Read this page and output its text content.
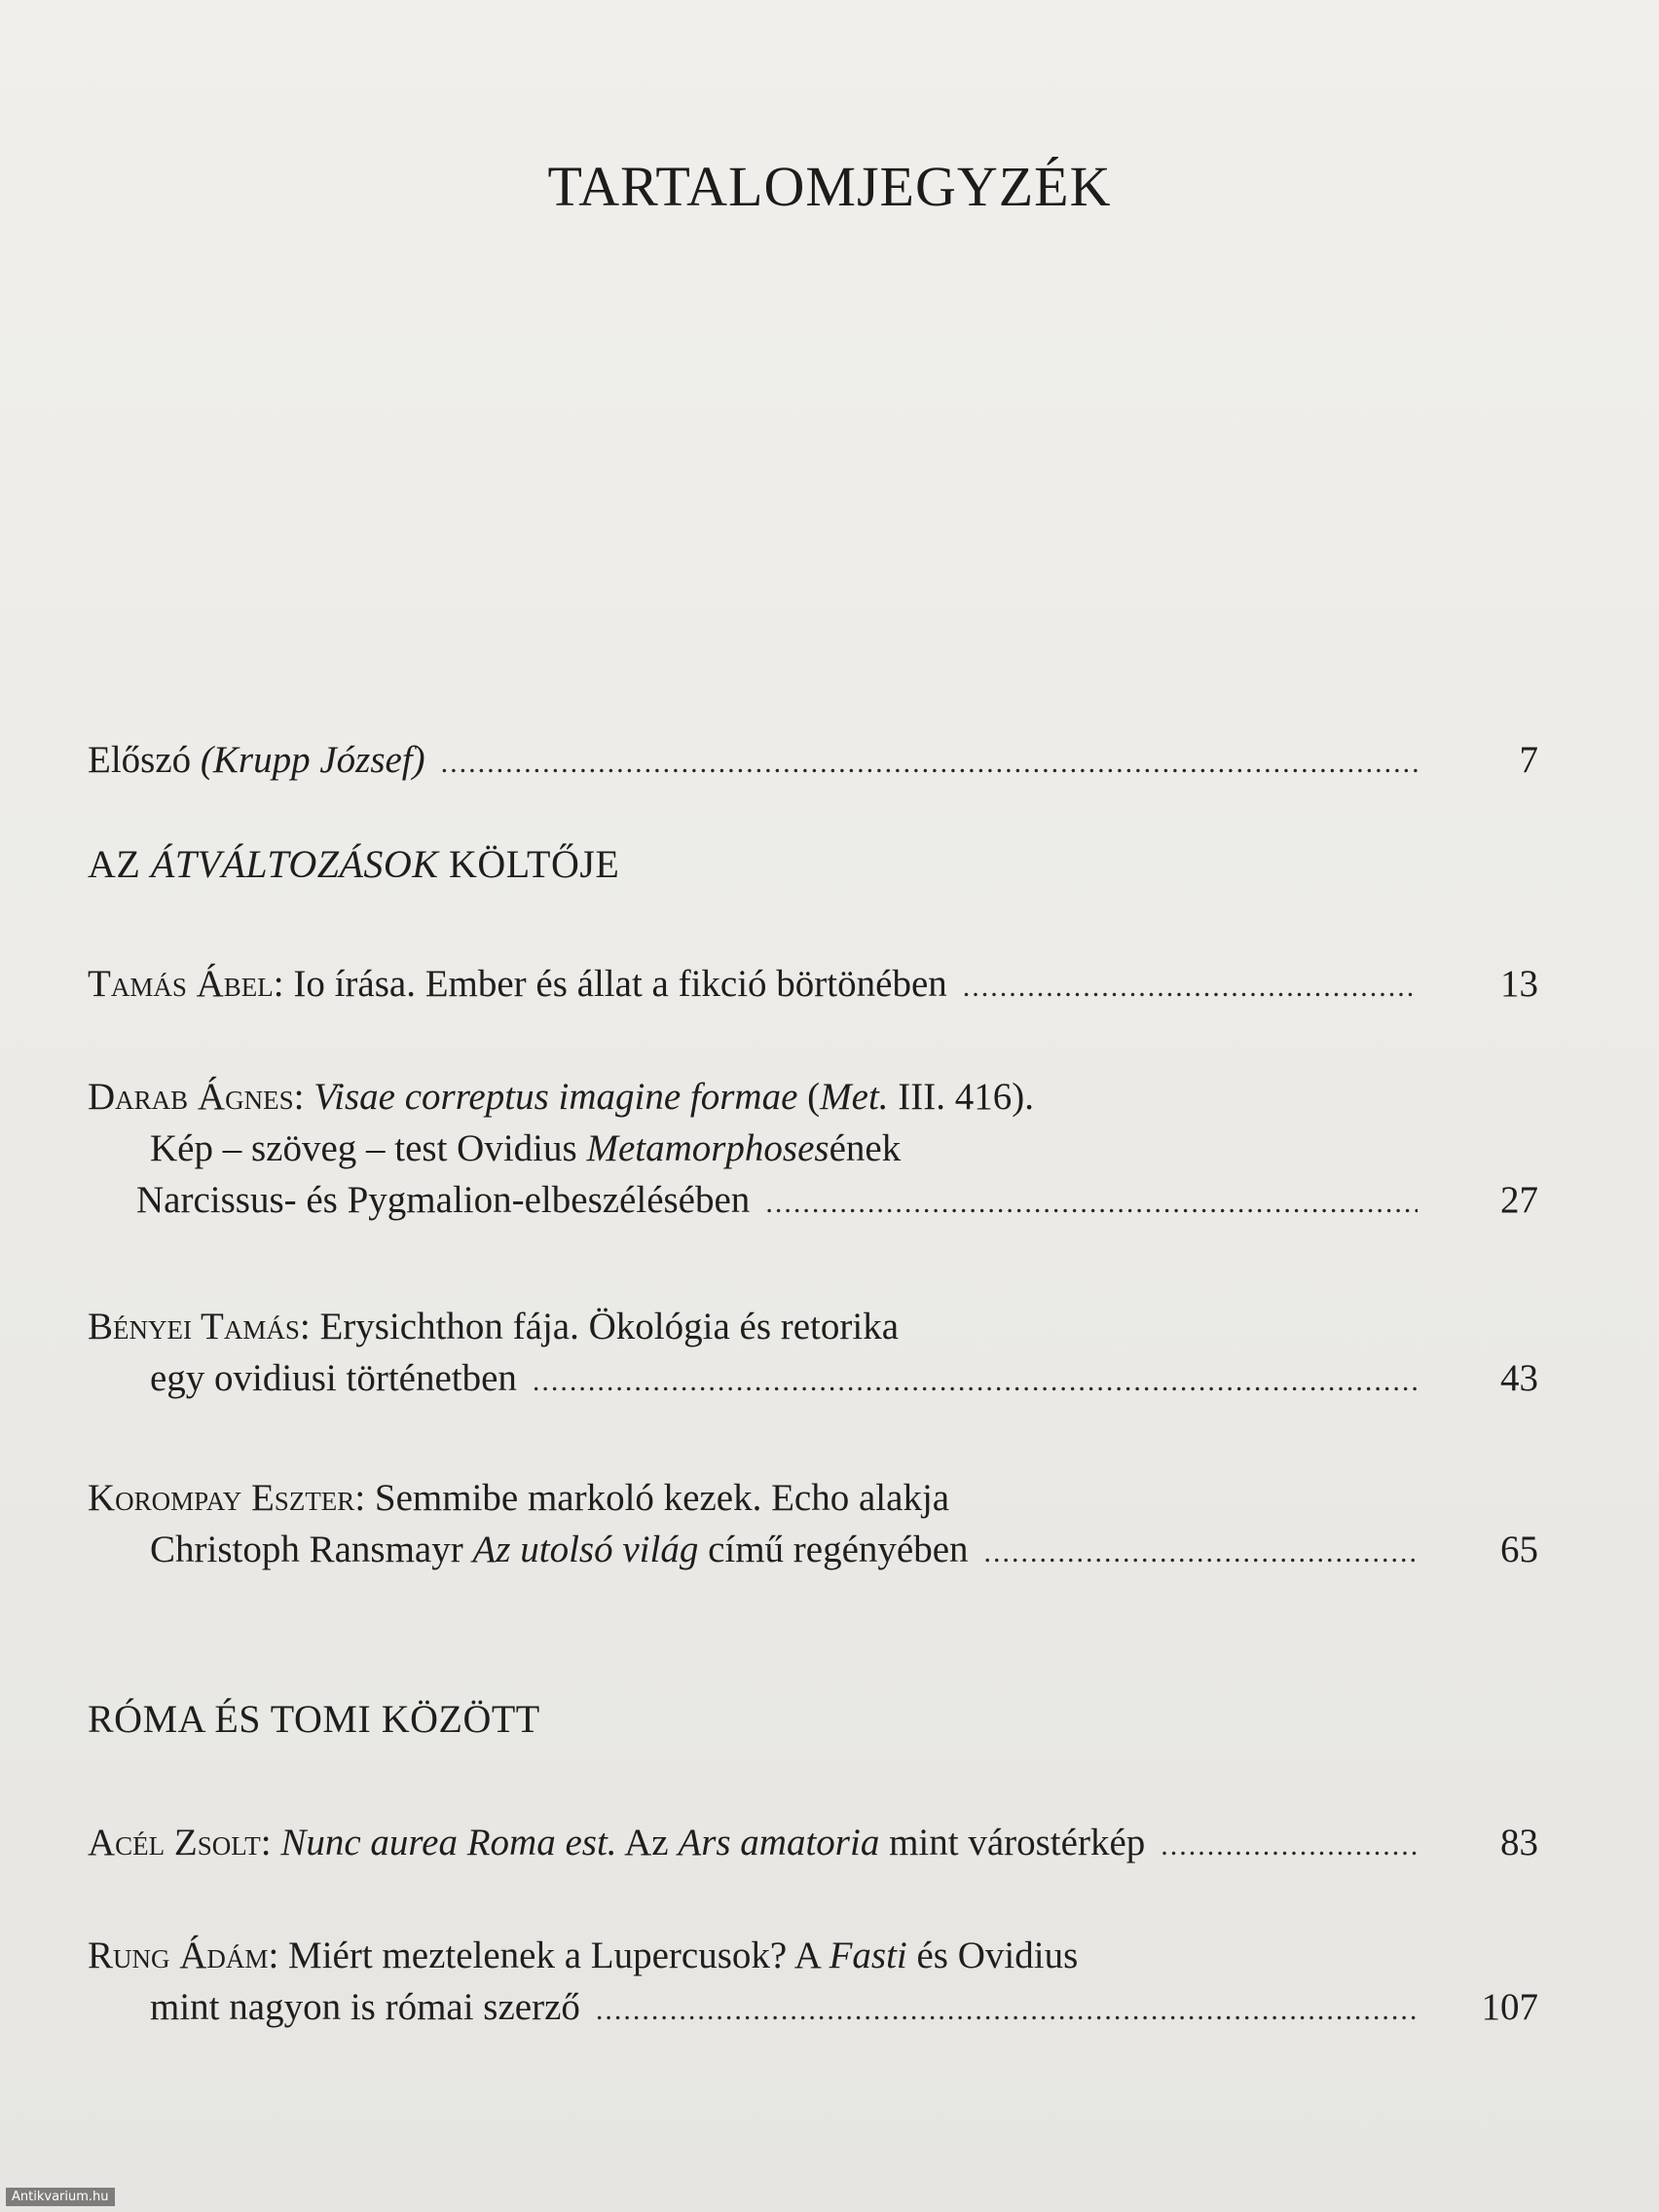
TARTALOMJEGYZÉK
Előszó (Krupp József) .....	7
AZ ÁTVÁLTOZÁSOK KÖLTŐJE
Tamás Ábel: Io írása. Ember és állat a fikció börtönében .....	13
Darab Ágnes: Visae correptus imagine formae (Met. III. 416).
Kép – szöveg – test Ovidius Metamorphosesének
Narcissus- és Pygmalion-elbeszélésében .....	27
Bényei Tamás: Erysichthon fája. Ökológia és retorika
egy ovidiusi történetben .....	43
Korompay Eszter: Semmibe markoló kezek. Echo alakja
Christoph Ransmayr Az utolsó világ című regényében .....	65
RÓMA ÉS TOMI KÖZÖTT
Acél Zsolt: Nunc aurea Roma est. Az Ars amatoria mint várostérkép .....	83
Rung Ádám: Miért meztelenek a Lupercusok? A Fasti és Ovidius
mint nagyon is római szerző .....	107
Antikvarium.hu
